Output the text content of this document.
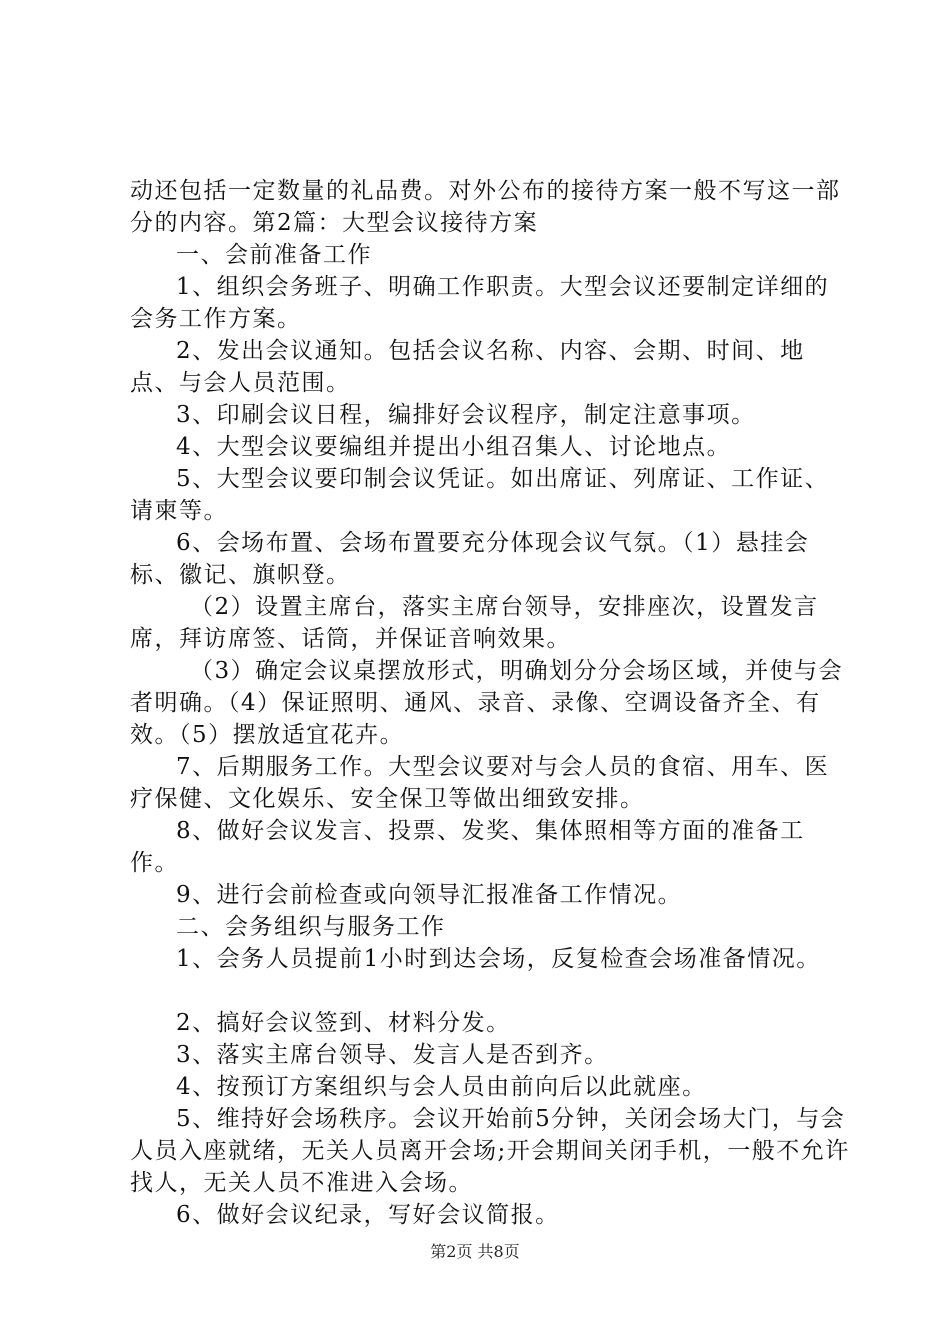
动还包括一定数量的礼品费。对外公布的接待方案一般不写这一部分的内容。第2篇：大型会议接待方案

一、会前准备工作

1、组织会务班子、明确工作职责。大型会议还要制定详细的会务工作方案。

2、发出会议通知。包括会议名称、内容、会期、时间、地点、与会人员范围。

3、印刷会议日程，编排好会议程序，制定注意事项。

4、大型会议要编组并提出小组召集人、讨论地点。

5、大型会议要印制会议凭证。如出席证、列席证、工作证、请柬等。

6、会场布置、会场布置要充分体现会议气氛。（1）悬挂会标、徽记、旗帜登。

（2）设置主席台，落实主席台领导，安排座次，设置发言席，拜访席签、话筒，并保证音响效果。

（3）确定会议桌摆放形式，明确划分分会场区域，并使与会者明确。（4）保证照明、通风、录音、录像、空调设备齐全、有效。（5）摆放适宜花卉。

7、后期服务工作。大型会议要对与会人员的食宿、用车、医疗保健、文化娱乐、安全保卫等做出细致安排。

8、做好会议发言、投票、发奖、集体照相等方面的准备工作。

9、进行会前检查或向领导汇报准备工作情况。

二、会务组织与服务工作

1、会务人员提前1小时到达会场，反复检查会场准备情况。

2、搞好会议签到、材料分发。

3、落实主席台领导、发言人是否到齐。

4、按预订方案组织与会人员由前向后以此就座。

5、维持好会场秩序。会议开始前5分钟，关闭会场大门，与会人员入座就绪，无关人员离开会场;开会期间关闭手机，一般不允许找人，无关人员不准进入会场。

6、做好会议纪录，写好会议简报。

第2页 共8页
